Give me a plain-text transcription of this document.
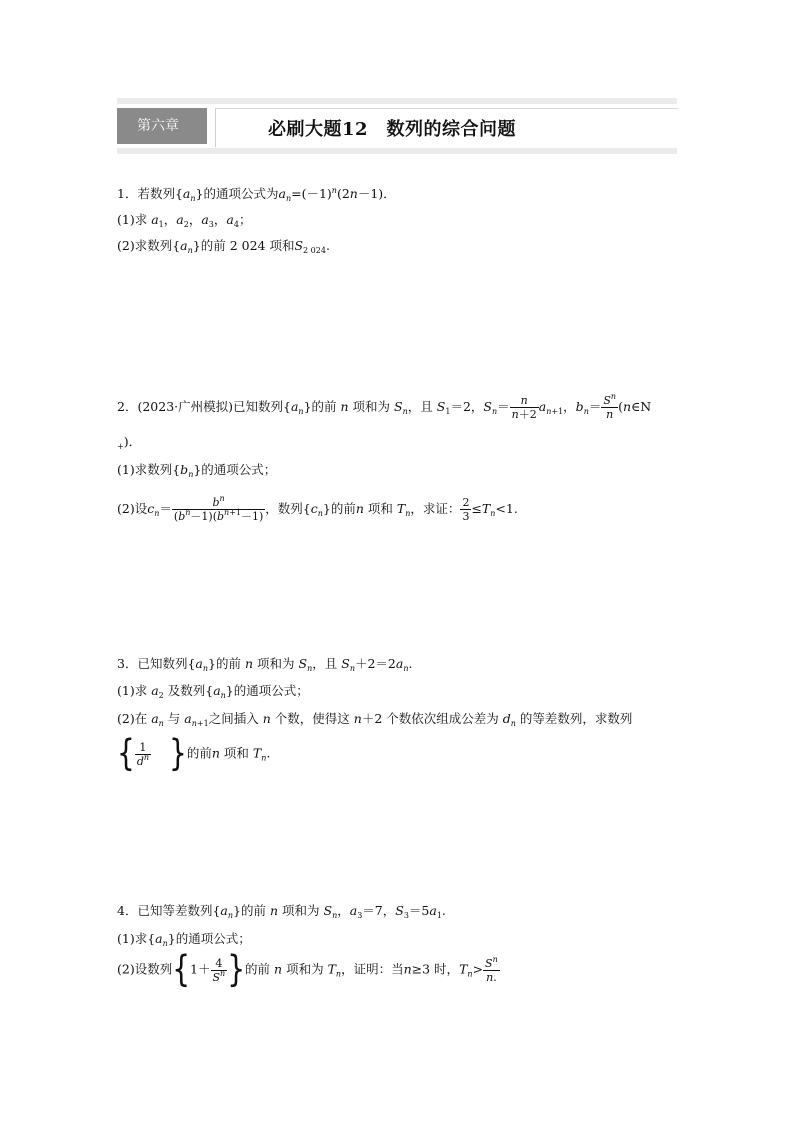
第六章	必刷大题12　数列的综合问题
1．若数列$\{a_n\}$的通项公式为$a_n=(-1)^n(2n-1)$．
(1)求 $a_1$，$a_2$，$a_3$，$a_4$；
(2)求数列$\{a_n\}$的前 2 024 项和$S_{2 024}$.
2．(2023·广州模拟)已知数列$\{a_n\}$的前 n 项和为 $S_n$，且 $S_1=2$，$S_n= \frac{n}{n+2} a_{n+1}$，$b_n= \frac{S^n}{n}$ (n∈N
$_+$)．
(1)求数列$\{b_n\}$的通项公式；
(2)设$c_n= \frac{b^n}{(b^n-1)(b^{n+1}-1)}$ ，数列$\{c_n\}$的前n 项和 $T_n$，求证： $\frac{2}{3} \le T_n<1$.
3．已知数列$\{a_n\}$的前 n 项和为 $S_n$，且 $S_n+2=2a_n$.
(1)求 $a_2$ 及数列$\{a_n\}$的通项公式；
(2)在 $a_n$ 与 $a_{n+1}$之间插入 n 个数，使得这 n＋2 个数依次组成公差为 $d_n$ 的等差数列，求数列
{ $\frac{1}{d^n}$ }的前n 项和 $T_n$.
4．已知等差数列$\{a_n\}$的前 n 项和为 $S_n$，$a_3=7$，$S_3=5a_1$.
(1)求$\{a_n\}$的通项公式；
(2)设数列{$1+ \frac{4}{S^n}$ }的前 n 项和为 $T_n$，证明：当n≥3 时，$T_n> \frac{S^n}{n.}$
